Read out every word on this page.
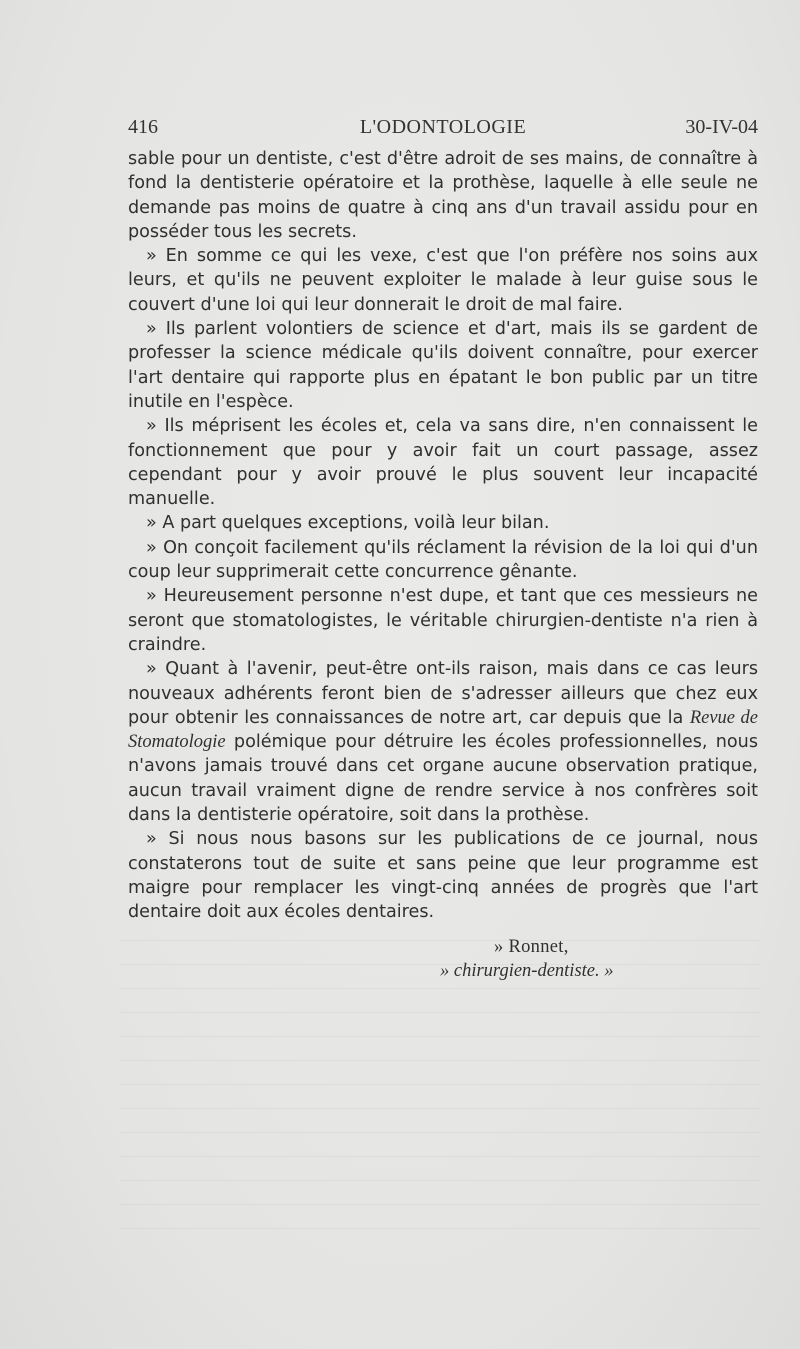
416	L'ODONTOLOGIE	30-IV-04

sable pour un dentiste, c'est d'être adroit de ses mains, de connaître à fond la dentisterie opératoire et la prothèse, laquelle à elle seule ne demande pas moins de quatre à cinq ans d'un travail assidu pour en posséder tous les secrets.

» En somme ce qui les vexe, c'est que l'on préfère nos soins aux leurs, et qu'ils ne peuvent exploiter le malade à leur guise sous le couvert d'une loi qui leur donnerait le droit de mal faire.

» Ils parlent volontiers de science et d'art, mais ils se gardent de professer la science médicale qu'ils doivent connaître, pour exercer l'art dentaire qui rapporte plus en épatant le bon public par un titre inutile en l'espèce.

» Ils méprisent les écoles et, cela va sans dire, n'en connaissent le fonctionnement que pour y avoir fait un court passage, assez cependant pour y avoir prouvé le plus souvent leur incapacité manuelle.

» A part quelques exceptions, voilà leur bilan.

» On conçoit facilement qu'ils réclament la révision de la loi qui d'un coup leur supprimerait cette concurrence gênante.

» Heureusement personne n'est dupe, et tant que ces messieurs ne seront que stomatologistes, le véritable chirurgien-dentiste n'a rien à craindre.

» Quant à l'avenir, peut-être ont-ils raison, mais dans ce cas leurs nouveaux adhérents feront bien de s'adresser ailleurs que chez eux pour obtenir les connaissances de notre art, car depuis que la Revue de Stomatologie polémique pour détruire les écoles professionnelles, nous n'avons jamais trouvé dans cet organe aucune observation pratique, aucun travail vraiment digne de rendre service à nos confrères soit dans la dentisterie opératoire, soit dans la prothèse.

» Si nous nous basons sur les publications de ce journal, nous constaterons tout de suite et sans peine que leur programme est maigre pour remplacer les vingt-cinq années de progrès que l'art dentaire doit aux écoles dentaires.

» Ronnet,
» chirurgien-dentiste. »
